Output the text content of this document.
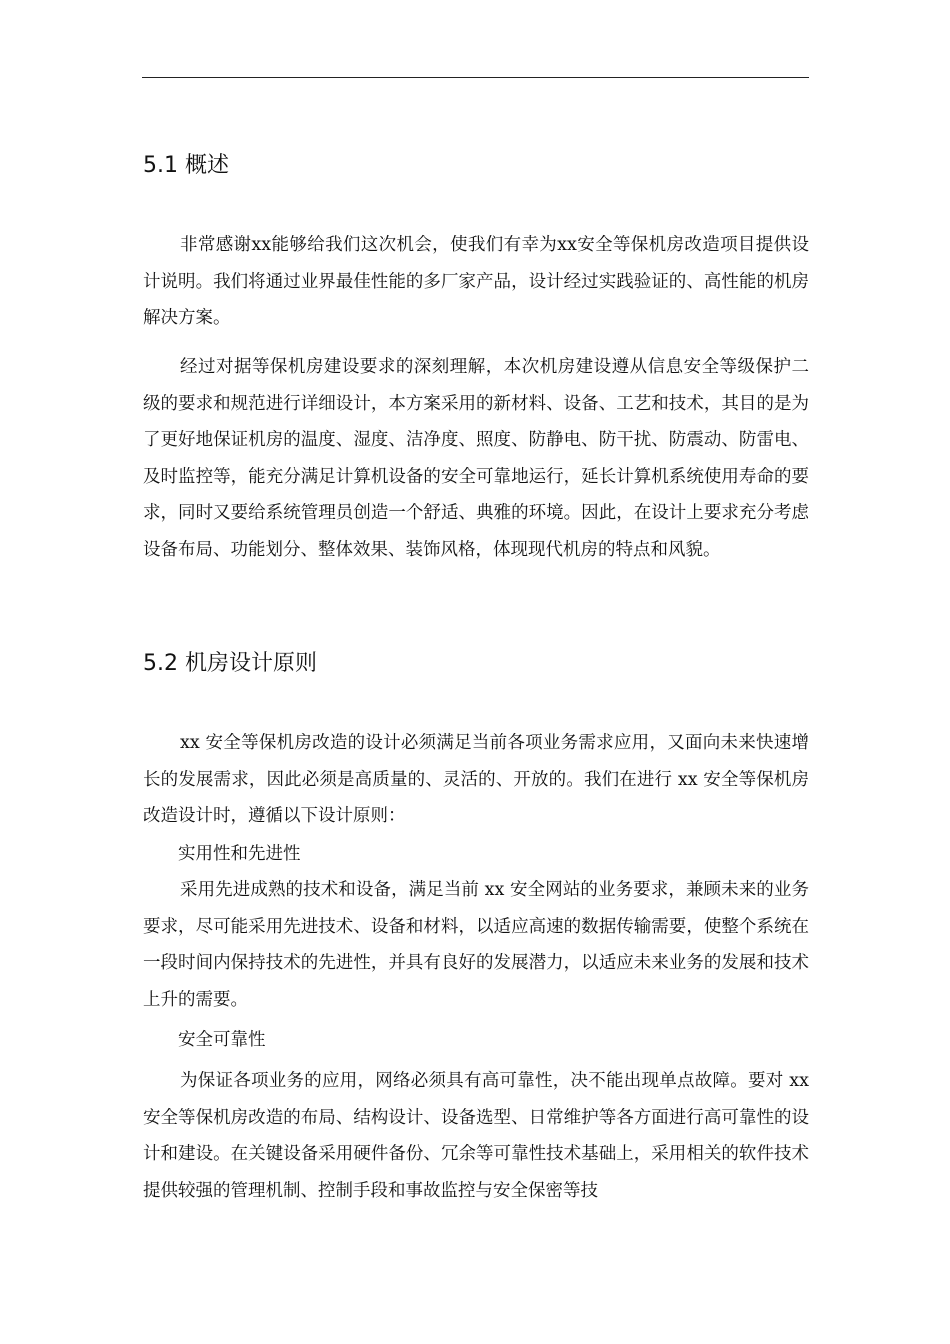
5.1 概述

非常感谢xx能够给我们这次机会，使我们有幸为xx安全等保机房改造项目提供设计说明。我们将通过业界最佳性能的多厂家产品，设计经过实践验证的、高性能的机房解决方案。

经过对据等保机房建设要求的深刻理解，本次机房建设遵从信息安全等级保护二级的要求和规范进行详细设计，本方案采用的新材料、设备、工艺和技术，其目的是为了更好地保证机房的温度、湿度、洁净度、照度、防静电、防干扰、防震动、防雷电、及时监控等，能充分满足计算机设备的安全可靠地运行，延长计算机系统使用寿命的要求，同时又要给系统管理员创造一个舒适、典雅的环境。因此，在设计上要求充分考虑设备布局、功能划分、整体效果、装饰风格，体现现代机房的特点和风貌。

5.2 机房设计原则

xx 安全等保机房改造的设计必须满足当前各项业务需求应用，又面向未来快速增长的发展需求，因此必须是高质量的、灵活的、开放的。我们在进行 xx 安全等保机房改造设计时，遵循以下设计原则：

实用性和先进性

采用先进成熟的技术和设备，满足当前 xx 安全网站的业务要求，兼顾未来的业务要求，尽可能采用先进技术、设备和材料，以适应高速的数据传输需要，使整个系统在一段时间内保持技术的先进性，并具有良好的发展潜力，以适应未来业务的发展和技术上升的需要。

安全可靠性

为保证各项业务的应用，网络必须具有高可靠性，决不能出现单点故障。要对 xx 安全等保机房改造的布局、结构设计、设备选型、日常维护等各方面进行高可靠性的设计和建设。在关键设备采用硬件备份、冗余等可靠性技术基础上，采用相关的软件技术提供较强的管理机制、控制手段和事故监控与安全保密等技
